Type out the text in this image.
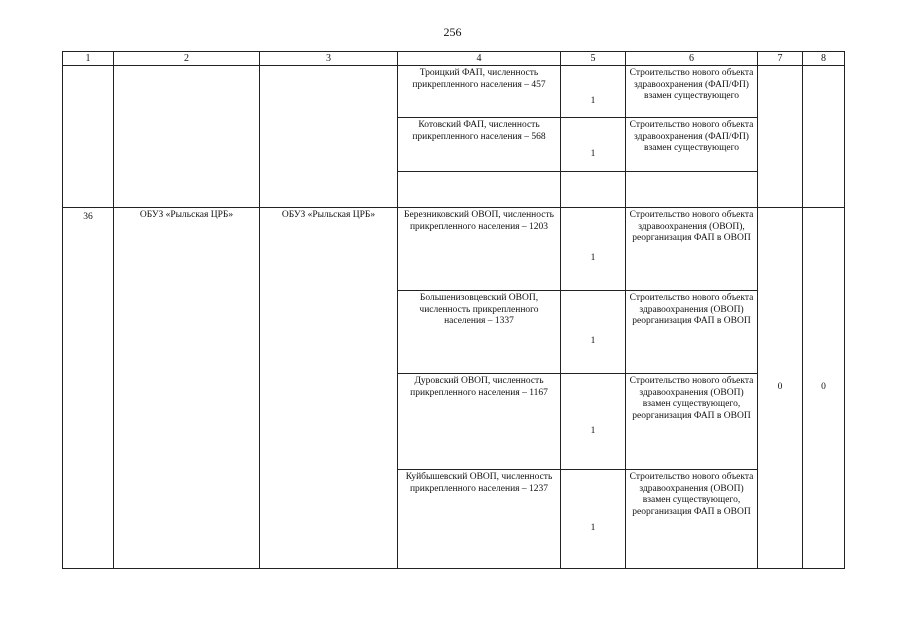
256
1	2	3	4	5	6	7	8
			Троицкий ФАП, численность прикрепленного населения – 457	1	Строительство нового объекта здравоохранения (ФАП/ФП) взамен существующего		
			Котовский ФАП, численность прикрепленного населения – 568	1	Строительство нового объекта здравоохранения (ФАП/ФП) взамен существующего		

36	ОБУЗ «Рыльская ЦРБ»	ОБУЗ «Рыльская ЦРБ»	Березниковский ОВОП, численность прикрепленного населения – 1203	1	Строительство нового объекта здравоохранения (ОВОП), реорганизация ФАП в ОВОП	0	0
			Большенизовцевский ОВОП, численность прикрепленного населения – 1337	1	Строительство нового объекта здравоохранения (ОВОП) реорганизация ФАП в ОВОП		
			Дуровский ОВОП, численность прикрепленного населения – 1167	1	Строительство нового объекта здравоохранения (ОВОП) взамен существующего, реорганизация ФАП в ОВОП		
			Куйбышевский ОВОП, численность прикрепленного населения – 1237	1	Строительство нового объекта здравоохранения (ОВОП) взамен существующего, реорганизация ФАП в ОВОП		
